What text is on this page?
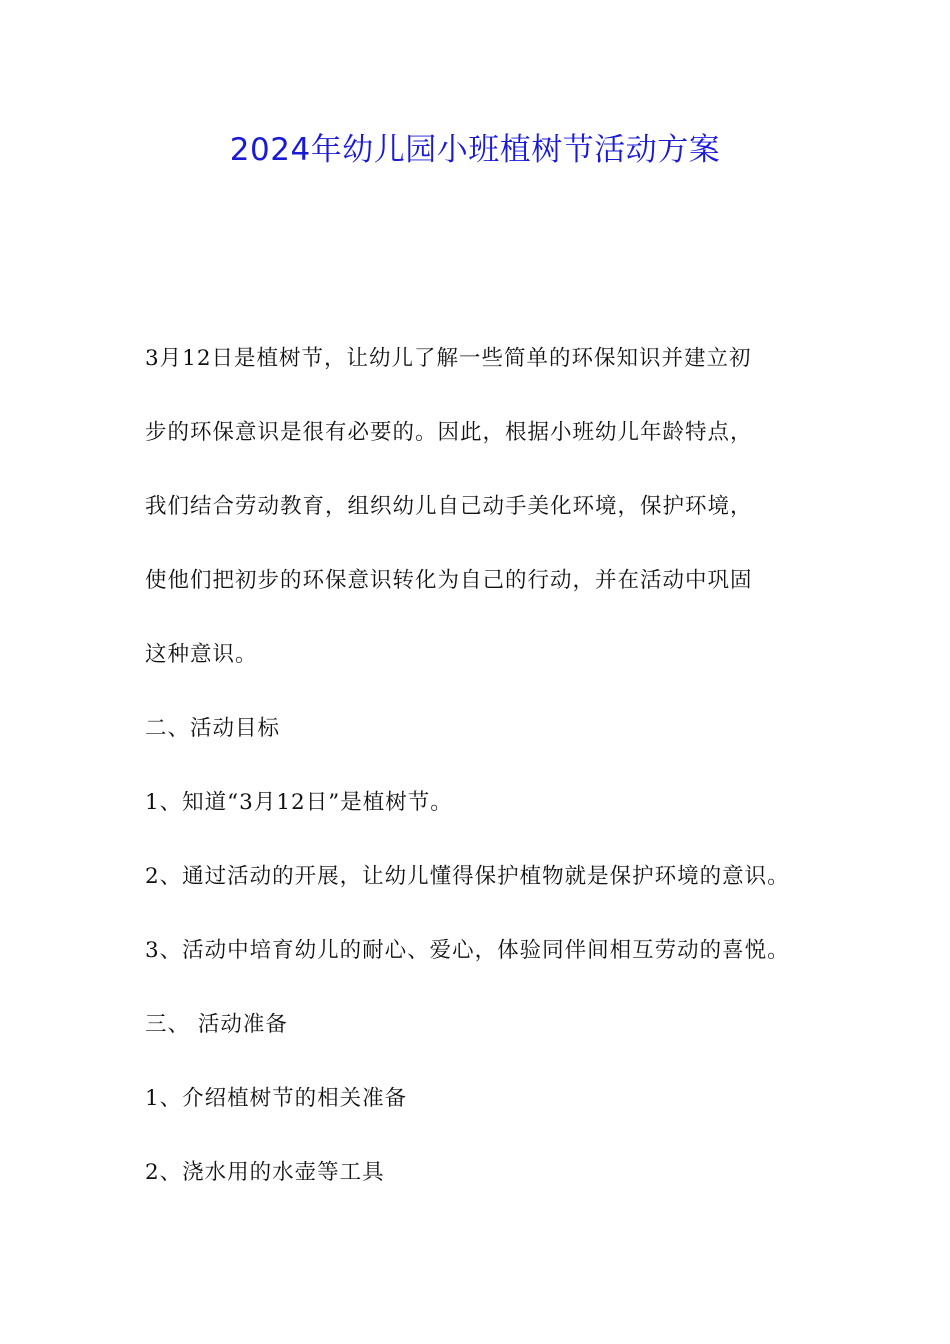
2024年幼儿园小班植树节活动方案
3月12日是植树节，让幼儿了解一些简单的环保知识并建立初
步的环保意识是很有必要的。因此，根据小班幼儿年龄特点，
我们结合劳动教育，组织幼儿自己动手美化环境，保护环境，
使他们把初步的环保意识转化为自己的行动，并在活动中巩固
这种意识。
二、活动目标
1、知道“3月12日”是植树节。
2、通过活动的开展，让幼儿懂得保护植物就是保护环境的意识。
3、活动中培育幼儿的耐心、爱心，体验同伴间相互劳动的喜悦。
三、 活动准备
1、介绍植树节的相关准备
2、浇水用的水壶等工具
